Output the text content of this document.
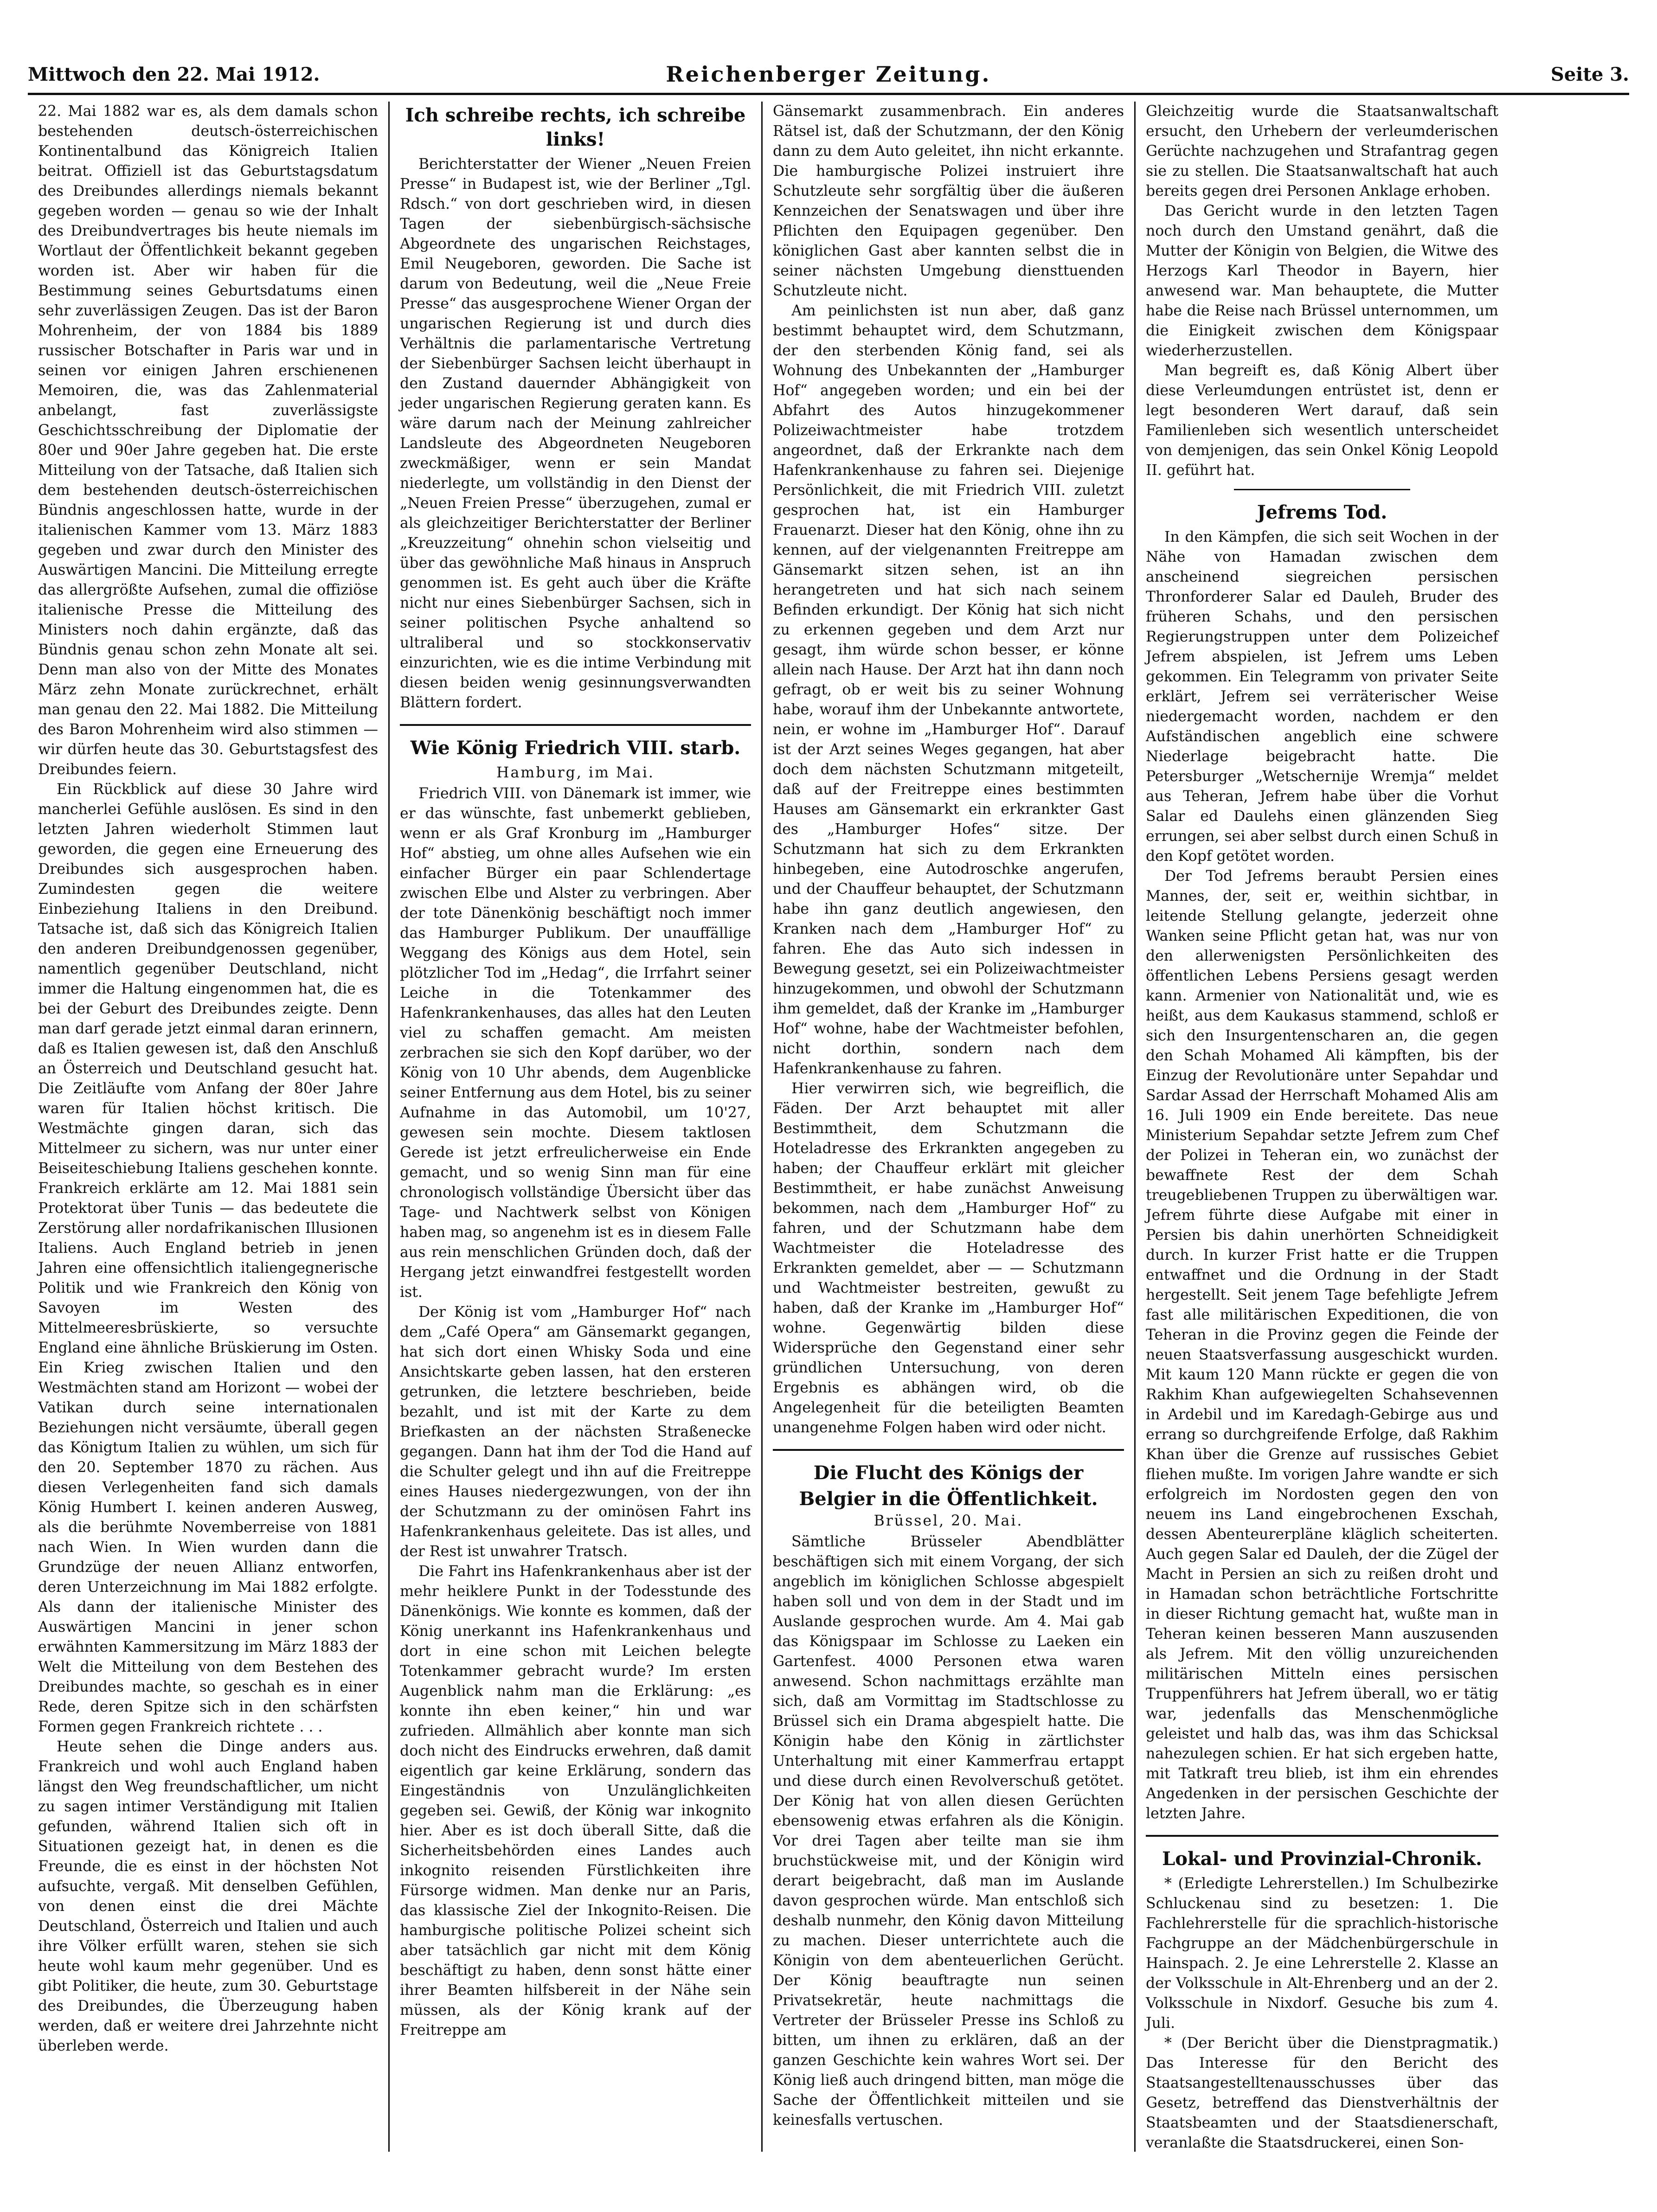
Mittwoch den 22. Mai 1912.	Reichenberger Zeitung.	Seite 3.

22. Mai 1882 war es, als dem damals schon bestehenden deutsch-österreichischen Kontinentalbund das Königreich Italien beitrat. Offiziell ist das Geburtstagsdatum des Dreibundes allerdings niemals bekannt gegeben worden — genau so wie der Inhalt des Dreibundvertrages bis heute niemals im Wortlaut der Öffentlichkeit bekannt gegeben worden ist. Aber wir haben für die Bestimmung seines Geburtsdatums einen sehr zuverlässigen Zeugen. Das ist der Baron Mohrenheim, der von 1884 bis 1889 russischer Botschafter in Paris war und in seinen vor einigen Jahren erschienenen Memoiren, die, was das Zahlenmaterial anbelangt, fast zuverlässigste Geschichtsschreibung der Diplomatie der 80er und 90er Jahre gegeben hat. Die erste Mitteilung von der Tatsache, daß Italien sich dem bestehenden deutsch-österreichischen Bündnis angeschlossen hatte, wurde in der italienischen Kammer vom 13. März 1883 gegeben und zwar durch den Minister des Auswärtigen Mancini. Die Mitteilung erregte das allergrößte Aufsehen, zumal die offiziöse italienische Presse die Mitteilung des Ministers noch dahin ergänzte, daß das Bündnis genau schon zehn Monate alt sei. Denn man also von der Mitte des Monates März zehn Monate zurückrechnet, erhält man genau den 22. Mai 1882. Die Mitteilung des Baron Mohrenheim wird also stimmen — wir dürfen heute das 30. Geburtstagsfest des Dreibundes feiern.

Ein Rückblick auf diese 30 Jahre wird mancherlei Gefühle auslösen. Es sind in den letzten Jahren wiederholt Stimmen laut geworden, die gegen eine Erneuerung des Dreibundes sich ausgesprochen haben. Zumindesten gegen die weitere Einbeziehung Italiens in den Dreibund. Tatsache ist, daß sich das Königreich Italien den anderen Dreibundgenossen gegenüber, namentlich gegenüber Deutschland, nicht immer die Haltung eingenommen hat, die es bei der Geburt des Dreibundes zeigte. Denn man darf gerade jetzt einmal daran erinnern, daß es Italien gewesen ist, daß den Anschluß an Österreich und Deutschland gesucht hat. Die Zeitläufte vom Anfang der 80er Jahre waren für Italien höchst kritisch. Die Westmächte gingen daran, sich das Mittelmeer zu sichern, was nur unter einer Beiseiteschiebung Italiens geschehen konnte. Frankreich erklärte am 12. Mai 1881 sein Protektorat über Tunis — das bedeutete die Zerstörung aller nordafrikanischen Illusionen Italiens. Auch England betrieb in jenen Jahren eine offensichtlich italiengegnerische Politik und wie Frankreich den König von Savoyen im Westen des Mittelmeeresbrüskierte, so versuchte England eine ähnliche Brüskierung im Osten. Ein Krieg zwischen Italien und den Westmächten stand am Horizont — wobei der Vatikan durch seine internationalen Beziehungen nicht versäumte, überall gegen das Königtum Italien zu wühlen, um sich für den 20. September 1870 zu rächen. Aus diesen Verlegenheiten fand sich damals König Humbert I. keinen anderen Ausweg, als die berühmte Novemberreise von 1881 nach Wien. In Wien wurden dann die Grundzüge der neuen Allianz entworfen, deren Unterzeichnung im Mai 1882 erfolgte. Als dann der italienische Minister des Auswärtigen Mancini in jener schon erwähnten Kammersitzung im März 1883 der Welt die Mitteilung von dem Bestehen des Dreibundes machte, so geschah es in einer Rede, deren Spitze sich in den schärfsten Formen gegen Frankreich richtete . . .

Heute sehen die Dinge anders aus. Frankreich und wohl auch England haben längst den Weg freundschaftlicher, um nicht zu sagen intimer Verständigung mit Italien gefunden, während Italien sich oft in Situationen gezeigt hat, in denen es die Freunde, die es einst in der höchsten Not aufsuchte, vergaß. Mit denselben Gefühlen, von denen einst die drei Mächte Deutschland, Österreich und Italien und auch ihre Völker erfüllt waren, stehen sie sich heute wohl kaum mehr gegenüber. Und es gibt Politiker, die heute, zum 30. Geburtstage des Dreibundes, die Überzeugung haben werden, daß er weitere drei Jahrzehnte nicht überleben werde.

Ich schreibe rechts, ich schreibe links!

Berichterstatter der Wiener „Neuen Freien Presse“ in Budapest ist, wie der Berliner „Tgl. Rdsch.“ von dort geschrieben wird, in diesen Tagen der siebenbürgisch-sächsische Abgeordnete des ungarischen Reichstages, Emil Neugeboren, geworden. Die Sache ist darum von Bedeutung, weil die „Neue Freie Presse“ das ausgesprochene Wiener Organ der ungarischen Regierung ist und durch dies Verhältnis die parlamentarische Vertretung der Siebenbürger Sachsen leicht überhaupt in den Zustand dauernder Abhängigkeit von jeder ungarischen Regierung geraten kann. Es wäre darum nach der Meinung zahlreicher Landsleute des Abgeordneten Neugeboren zweckmäßiger, wenn er sein Mandat niederlegte, um vollständig in den Dienst der „Neuen Freien Presse“ überzugehen, zumal er als gleichzeitiger Berichterstatter der Berliner „Kreuzzeitung“ ohnehin schon vielseitig und über das gewöhnliche Maß hinaus in Anspruch genommen ist. Es geht auch über die Kräfte nicht nur eines Siebenbürger Sachsen, sich in seiner politischen Psyche anhaltend so ultraliberal und so stockkonservativ einzurichten, wie es die intime Verbindung mit diesen beiden wenig gesinnungsverwandten Blättern fordert.

Wie König Friedrich VIII. starb.
Hamburg, im Mai.

Friedrich VIII. von Dänemark ist immer, wie er das wünschte, fast unbemerkt geblieben, wenn er als Graf Kronburg im „Hamburger Hof“ abstieg, um ohne alles Aufsehen wie ein einfacher Bürger ein paar Schlendertage zwischen Elbe und Alster zu verbringen. Aber der tote Dänenkönig beschäftigt noch immer das Hamburger Publikum. Der unauffällige Weggang des Königs aus dem Hotel, sein plötzlicher Tod im „Hedag“, die Irrfahrt seiner Leiche in die Totenkammer des Hafenkrankenhauses, das alles hat den Leuten viel zu schaffen gemacht. Am meisten zerbrachen sie sich den Kopf darüber, wo der König von 10 Uhr abends, dem Augenblicke seiner Entfernung aus dem Hotel, bis zu seiner Aufnahme in das Automobil, um 10'27, gewesen sein mochte. Diesem taktlosen Gerede ist jetzt erfreulicherweise ein Ende gemacht, und so wenig Sinn man für eine chronologisch vollständige Übersicht über das Tage- und Nachtwerk selbst von Königen haben mag, so angenehm ist es in diesem Falle aus rein menschlichen Gründen doch, daß der Hergang jetzt einwandfrei festgestellt worden ist.

Der König ist vom „Hamburger Hof“ nach dem „Café Opera“ am Gänsemarkt gegangen, hat sich dort einen Whisky Soda und eine Ansichtskarte geben lassen, hat den ersteren getrunken, die letztere beschrieben, beide bezahlt, und ist mit der Karte zu dem Briefkasten an der nächsten Straßenecke gegangen. Dann hat ihm der Tod die Hand auf die Schulter gelegt und ihn auf die Freitreppe eines Hauses niedergezwungen, von der ihn der Schutzmann zu der ominösen Fahrt ins Hafenkrankenhaus geleitete. Das ist alles, und der Rest ist unwahrer Tratsch.

Die Fahrt ins Hafenkrankenhaus aber ist der mehr heiklere Punkt in der Todesstunde des Dänenkönigs. Wie konnte es kommen, daß der König unerkannt ins Hafenkrankenhaus und dort in eine schon mit Leichen belegte Totenkammer gebracht wurde? Im ersten Augenblick nahm man die Erklärung: „es konnte ihn eben keiner,“ hin und war zufrieden. Allmählich aber konnte man sich doch nicht des Eindrucks erwehren, daß damit eigentlich gar keine Erklärung, sondern das Eingeständnis von Unzulänglichkeiten gegeben sei. Gewiß, der König war inkognito hier. Aber es ist doch überall Sitte, daß die Sicherheitsbehörden eines Landes auch inkognito reisenden Fürstlichkeiten ihre Fürsorge widmen. Man denke nur an Paris, das klassische Ziel der Inkognito-Reisen. Die hamburgische politische Polizei scheint sich aber tatsächlich gar nicht mit dem König beschäftigt zu haben, denn sonst hätte einer ihrer Beamten hilfsbereit in der Nähe sein müssen, als der König krank auf der Freitreppe am

Gänsemarkt zusammenbrach. Ein anderes Rätsel ist, daß der Schutzmann, der den König dann zu dem Auto geleitet, ihn nicht erkannte. Die hamburgische Polizei instruiert ihre Schutzleute sehr sorgfältig über die äußeren Kennzeichen der Senatswagen und über ihre Pflichten den Equipagen gegenüber. Den königlichen Gast aber kannten selbst die in seiner nächsten Umgebung diensttuenden Schutzleute nicht.

Am peinlichsten ist nun aber, daß ganz bestimmt behauptet wird, dem Schutzmann, der den sterbenden König fand, sei als Wohnung des Unbekannten der „Hamburger Hof“ angegeben worden; und ein bei der Abfahrt des Autos hinzugekommener Polizeiwachtmeister habe trotzdem angeordnet, daß der Erkrankte nach dem Hafenkrankenhause zu fahren sei. Diejenige Persönlichkeit, die mit Friedrich VIII. zuletzt gesprochen hat, ist ein Hamburger Frauenarzt. Dieser hat den König, ohne ihn zu kennen, auf der vielgenannten Freitreppe am Gänsemarkt sitzen sehen, ist an ihn herangetreten und hat sich nach seinem Befinden erkundigt. Der König hat sich nicht zu erkennen gegeben und dem Arzt nur gesagt, ihm würde schon besser, er könne allein nach Hause. Der Arzt hat ihn dann noch gefragt, ob er weit bis zu seiner Wohnung habe, worauf ihm der Unbekannte antwortete, nein, er wohne im „Hamburger Hof“. Darauf ist der Arzt seines Weges gegangen, hat aber doch dem nächsten Schutzmann mitgeteilt, daß auf der Freitreppe eines bestimmten Hauses am Gänsemarkt ein erkrankter Gast des „Hamburger Hofes“ sitze. Der Schutzmann hat sich zu dem Erkrankten hinbegeben, eine Autodroschke angerufen, und der Chauffeur behauptet, der Schutzmann habe ihn ganz deutlich angewiesen, den Kranken nach dem „Hamburger Hof“ zu fahren. Ehe das Auto sich indessen in Bewegung gesetzt, sei ein Polizeiwachtmeister hinzugekommen, und obwohl der Schutzmann ihm gemeldet, daß der Kranke im „Hamburger Hof“ wohne, habe der Wachtmeister befohlen, nicht dorthin, sondern nach dem Hafenkrankenhause zu fahren.

Hier verwirren sich, wie begreiflich, die Fäden. Der Arzt behauptet mit aller Bestimmtheit, dem Schutzmann die Hoteladresse des Erkrankten angegeben zu haben; der Chauffeur erklärt mit gleicher Bestimmtheit, er habe zunächst Anweisung bekommen, nach dem „Hamburger Hof“ zu fahren, und der Schutzmann habe dem Wachtmeister die Hoteladresse des Erkrankten gemeldet, aber — — Schutzmann und Wachtmeister bestreiten, gewußt zu haben, daß der Kranke im „Hamburger Hof“ wohne. Gegenwärtig bilden diese Widersprüche den Gegenstand einer sehr gründlichen Untersuchung, von deren Ergebnis es abhängen wird, ob die Angelegenheit für die beteiligten Beamten unangenehme Folgen haben wird oder nicht.

Die Flucht des Königs der
Belgier in die Öffentlichkeit.
Brüssel, 20. Mai.

Sämtliche Brüsseler Abendblätter beschäftigen sich mit einem Vorgang, der sich angeblich im königlichen Schlosse abgespielt haben soll und von dem in der Stadt und im Auslande gesprochen wurde. Am 4. Mai gab das Königspaar im Schlosse zu Laeken ein Gartenfest. 4000 Personen etwa waren anwesend. Schon nachmittags erzählte man sich, daß am Vormittag im Stadtschlosse zu Brüssel sich ein Drama abgespielt hatte. Die Königin habe den König in zärtlichster Unterhaltung mit einer Kammerfrau ertappt und diese durch einen Revolverschuß getötet. Der König hat von allen diesen Gerüchten ebensowenig etwas erfahren als die Königin. Vor drei Tagen aber teilte man sie ihm bruchstückweise mit, und der Königin wird derart beigebracht, daß man im Auslande davon gesprochen würde. Man entschloß sich deshalb nunmehr, den König davon Mitteilung zu machen. Dieser unterrichtete auch die Königin von dem abenteuerlichen Gerücht. Der König beauftragte nun seinen Privatsekretär, heute nachmittags die Vertreter der Brüsseler Presse ins Schloß zu bitten, um ihnen zu erklären, daß an der ganzen Geschichte kein wahres Wort sei. Der König ließ auch dringend bitten, man möge die Sache der Öffentlichkeit mitteilen und sie keinesfalls vertuschen.

Gleichzeitig wurde die Staatsanwaltschaft ersucht, den Urhebern der verleumderischen Gerüchte nachzugehen und Strafantrag gegen sie zu stellen. Die Staatsanwaltschaft hat auch bereits gegen drei Personen Anklage erhoben.

Das Gericht wurde in den letzten Tagen noch durch den Umstand genährt, daß die Mutter der Königin von Belgien, die Witwe des Herzogs Karl Theodor in Bayern, hier anwesend war. Man behauptete, die Mutter habe die Reise nach Brüssel unternommen, um die Einigkeit zwischen dem Königspaar wiederherzustellen.

Man begreift es, daß König Albert über diese Verleumdungen entrüstet ist, denn er legt besonderen Wert darauf, daß sein Familienleben sich wesentlich unterscheidet von demjenigen, das sein Onkel König Leopold II. geführt hat.

Jefrems Tod.

In den Kämpfen, die sich seit Wochen in der Nähe von Hamadan zwischen dem anscheinend siegreichen persischen Thronforderer Salar ed Dauleh, Bruder des früheren Schahs, und den persischen Regierungstruppen unter dem Polizeichef Jefrem abspielen, ist Jefrem ums Leben gekommen. Ein Telegramm von privater Seite erklärt, Jefrem sei verräterischer Weise niedergemacht worden, nachdem er den Aufständischen angeblich eine schwere Niederlage beigebracht hatte. Die Petersburger „Wetschernije Wremja“ meldet aus Teheran, Jefrem habe über die Vorhut Salar ed Daulehs einen glänzenden Sieg errungen, sei aber selbst durch einen Schuß in den Kopf getötet worden.

Der Tod Jefrems beraubt Persien eines Mannes, der, seit er, weithin sichtbar, in leitende Stellung gelangte, jederzeit ohne Wanken seine Pflicht getan hat, was nur von den allerwenigsten Persönlichkeiten des öffentlichen Lebens Persiens gesagt werden kann. Armenier von Nationalität und, wie es heißt, aus dem Kaukasus stammend, schloß er sich den Insurgentenscharen an, die gegen den Schah Mohamed Ali kämpften, bis der Einzug der Revolutionäre unter Sepahdar und Sardar Assad der Herrschaft Mohamed Alis am 16. Juli 1909 ein Ende bereitete. Das neue Ministerium Sepahdar setzte Jefrem zum Chef der Polizei in Teheran ein, wo zunächst der bewaffnete Rest der dem Schah treugebliebenen Truppen zu überwältigen war. Jefrem führte diese Aufgabe mit einer in Persien bis dahin unerhörten Schneidigkeit durch. In kurzer Frist hatte er die Truppen entwaffnet und die Ordnung in der Stadt hergestellt. Seit jenem Tage befehligte Jefrem fast alle militärischen Expeditionen, die von Teheran in die Provinz gegen die Feinde der neuen Staatsverfassung ausgeschickt wurden. Mit kaum 120 Mann rückte er gegen die von Rakhim Khan aufgewiegelten Schahsevennen in Ardebil und im Karedagh-Gebirge aus und errang so durchgreifende Erfolge, daß Rakhim Khan über die Grenze auf russisches Gebiet fliehen mußte. Im vorigen Jahre wandte er sich erfolgreich im Nordosten gegen den von neuem ins Land eingebrochenen Exschah, dessen Abenteurerpläne kläglich scheiterten. Auch gegen Salar ed Dauleh, der die Zügel der Macht in Persien an sich zu reißen droht und in Hamadan schon beträchtliche Fortschritte in dieser Richtung gemacht hat, wußte man in Teheran keinen besseren Mann auszusenden als Jefrem. Mit den völlig unzureichenden militärischen Mitteln eines persischen Truppenführers hat Jefrem überall, wo er tätig war, jedenfalls das Menschenmögliche geleistet und halb das, was ihm das Schicksal nahezulegen schien. Er hat sich ergeben hatte, mit Tatkraft treu blieb, ist ihm ein ehrendes Angedenken in der persischen Geschichte der letzten Jahre.

Lokal- und Provinzial-Chronik.

* (Erledigte Lehrerstellen.) Im Schulbezirke Schluckenau sind zu besetzen: 1. Die Fachlehrerstelle für die sprachlich-historische Fachgruppe an der Mädchenbürgerschule in Hainspach. 2. Je eine Lehrerstelle 2. Klasse an der Volksschule in Alt-Ehrenberg und an der 2. Volksschule in Nixdorf. Gesuche bis zum 4. Juli.

* (Der Bericht über die Dienstpragmatik.) Das Interesse für den Bericht des Staatsangestelltenausschusses über das Gesetz, betreffend das Dienstverhältnis der Staatsbeamten und der Staatsdienerschaft, veranlaßte die Staatsdruckerei, einen Son-
